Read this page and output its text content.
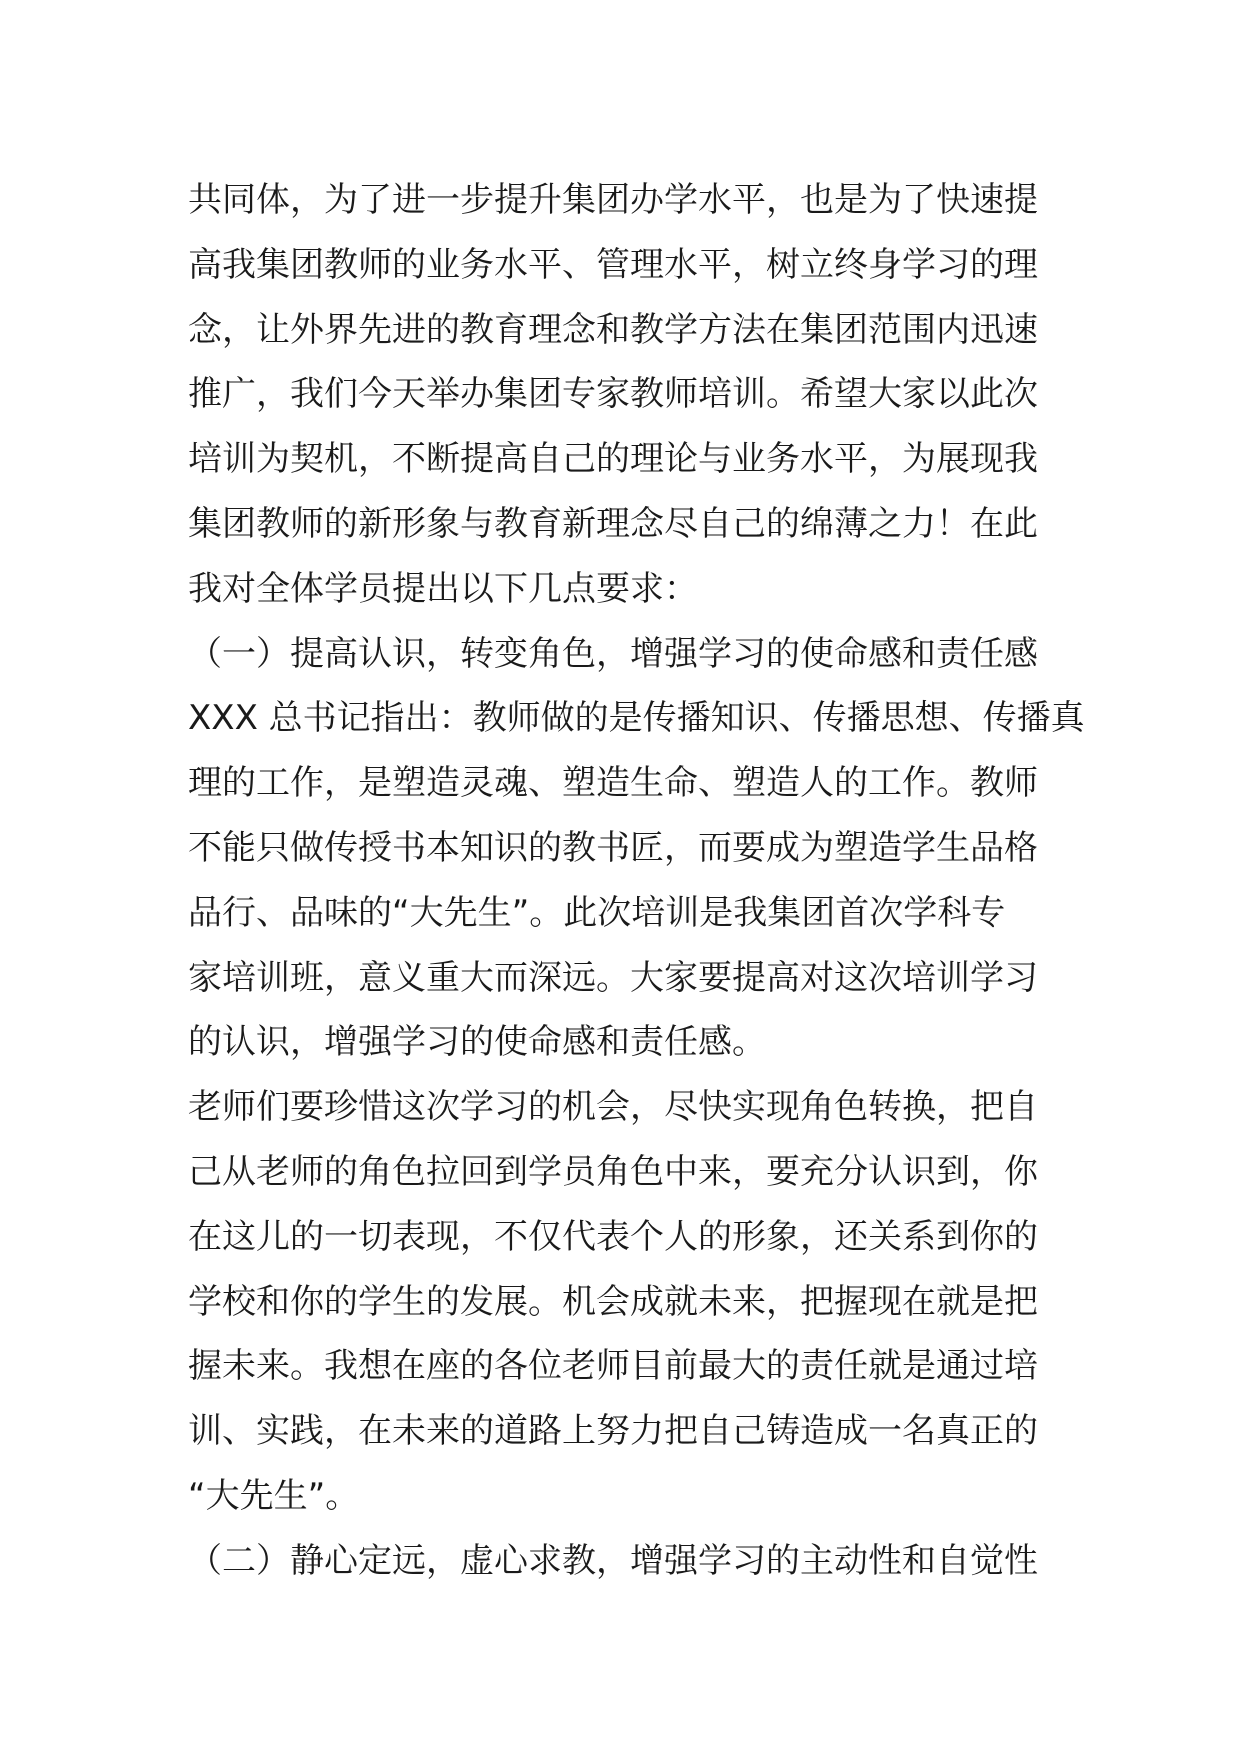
共同体，为了进一步提升集团办学水平，也是为了快速提
高我集团教师的业务水平、管理水平，树立终身学习的理
念，让外界先进的教育理念和教学方法在集团范围内迅速
推广，我们今天举办集团专家教师培训。希望大家以此次
培训为契机，不断提高自己的理论与业务水平，为展现我
集团教师的新形象与教育新理念尽自己的绵薄之力！在此
我对全体学员提出以下几点要求：
（一）提高认识，转变角色，增强学习的使命感和责任感
XXX 总书记指出：教师做的是传播知识、传播思想、传播真
理的工作，是塑造灵魂、塑造生命、塑造人的工作。教师
不能只做传授书本知识的教书匠，而要成为塑造学生品格
品行、品味的“大先生”。此次培训是我集团首次学科专
家培训班，意义重大而深远。大家要提高对这次培训学习
的认识，增强学习的使命感和责任感。
老师们要珍惜这次学习的机会，尽快实现角色转换，把自
己从老师的角色拉回到学员角色中来，要充分认识到，你
在这儿的一切表现，不仅代表个人的形象，还关系到你的
学校和你的学生的发展。机会成就未来，把握现在就是把
握未来。我想在座的各位老师目前最大的责任就是通过培
训、实践，在未来的道路上努力把自己铸造成一名真正的
“大先生”。
（二）静心定远，虚心求教，增强学习的主动性和自觉性
